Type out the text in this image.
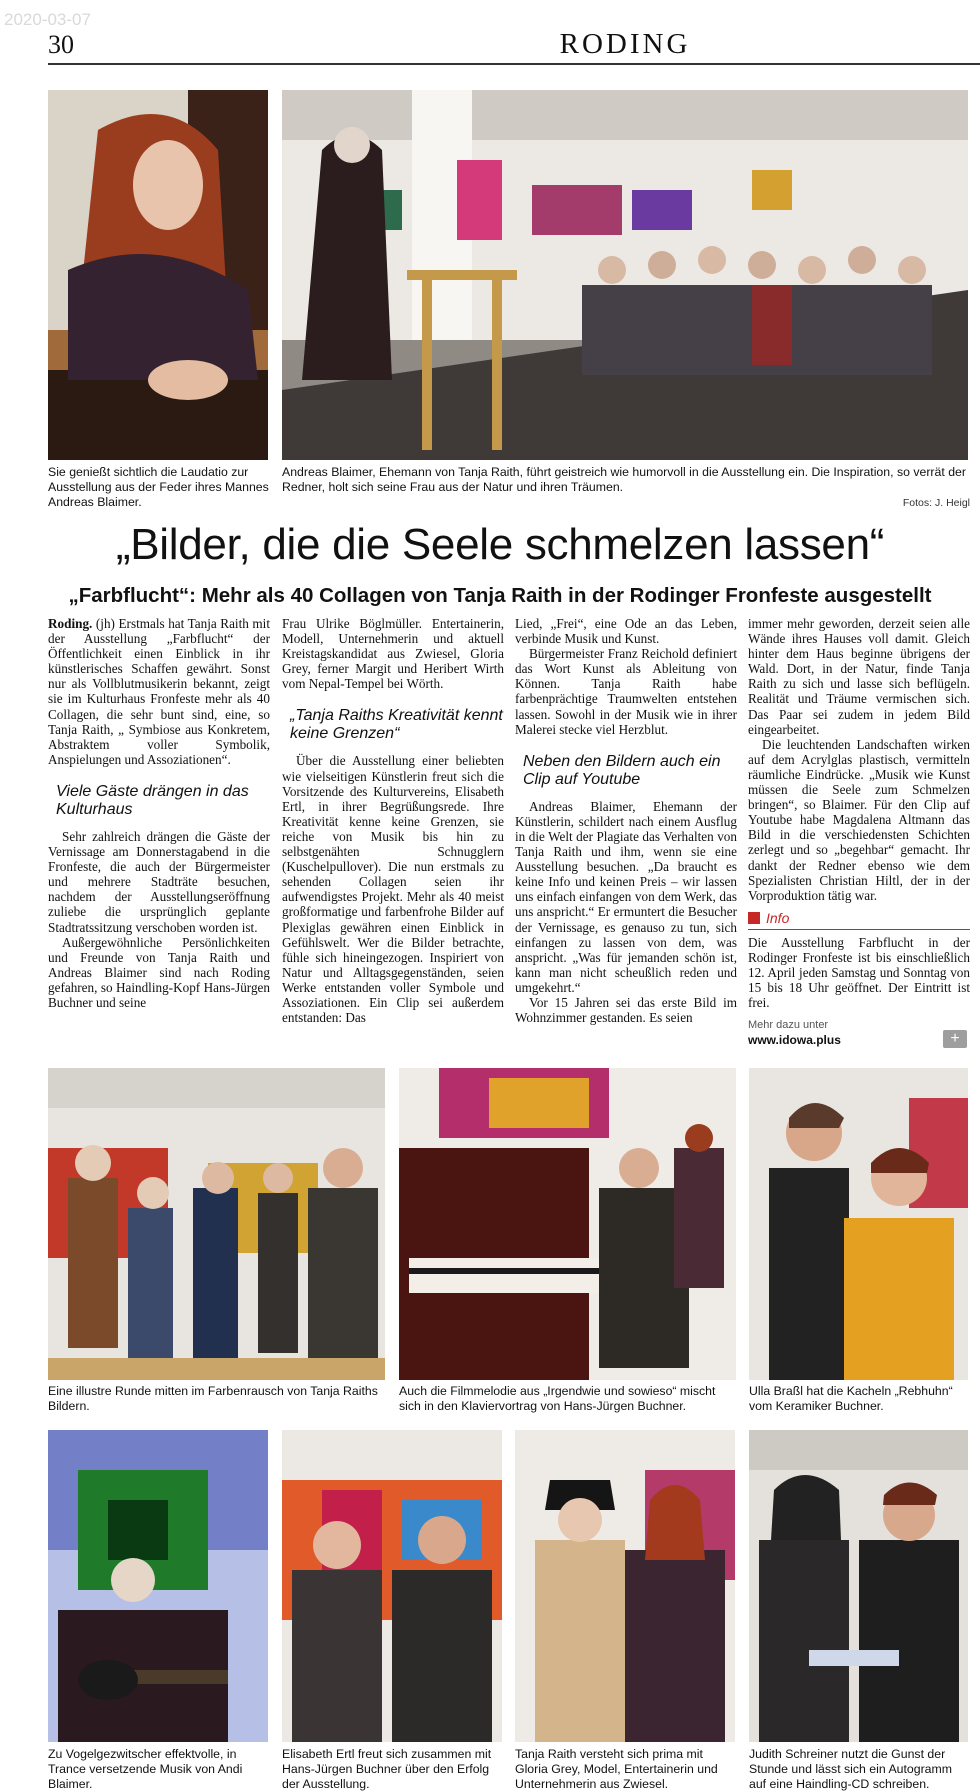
2020-03-07
30	RODING
Sie genießt sichtlich die Laudatio zur Ausstellung aus der Feder ihres Mannes Andreas Blaimer.
Andreas Blaimer, Ehemann von Tanja Raith, führt geistreich wie humorvoll in die Ausstellung ein. Die Inspiration, so verrät der Redner, holt sich seine Frau aus der Natur und ihren Träumen.
Fotos: J. Heigl
„Bilder, die die Seele schmelzen lassen“
„Farbflucht“: Mehr als 40 Collagen von Tanja Raith in der Rodinger Fronfeste ausgestellt

Roding. (jh) Erstmals hat Tanja Raith mit der Ausstellung „Farbflucht“ der Öffentlichkeit einen Einblick in ihr künstlerisches Schaffen gewährt. Sonst nur als Vollblutmusikerin bekannt, zeigt sie im Kulturhaus Fronfeste mehr als 40 Collagen, die sehr bunt sind, eine, so Tanja Raith, „ Symbiose aus Konkretem, Abstraktem voller Symbolik, Anspielungen und Assoziationen“.

Viele Gäste drängen in das Kulturhaus

Sehr zahlreich drängen die Gäste der Vernissage am Donnerstagabend in die Fronfeste, die auch der Bürgermeister und mehrere Stadträte besuchen, nachdem der Ausstellungseröffnung zuliebe die ursprünglich geplante Stadtratssitzung verschoben worden ist.

Außergewöhnliche Persönlichkeiten und Freunde von Tanja Raith und Andreas Blaimer sind nach Roding gefahren, so Haindling-Kopf Hans-Jürgen Buchner und seine

Frau Ulrike Böglmüller. Entertainerin, Modell, Unternehmerin und aktuell Kreistagskandidat aus Zwiesel, Gloria Grey, ferner Margit und Heribert Wirth vom Nepal-Tempel bei Wörth.

„Tanja Raiths Kreativität kennt keine Grenzen“

Über die Ausstellung einer beliebten wie vielseitigen Künstlerin freut sich die Vorsitzende des Kulturvereins, Elisabeth Ertl, in ihrer Begrüßungsrede. Ihre Kreativität kenne keine Grenzen, sie reiche von Musik bis hin zu selbstgenähten Schnugglern (Kuschelpullover). Die nun erstmals zu sehenden Collagen seien ihr aufwendigstes Projekt. Mehr als 40 meist großformatige und farbenfrohe Bilder auf Plexiglas gewähren einen Einblick in Gefühlswelt. Wer die Bilder betrachte, fühle sich hineingezogen. Inspiriert von Natur und Alltagsgegenständen, seien Werke entstanden voller Symbole und Assoziationen. Ein Clip sei außerdem entstanden: Das

Lied, „Frei“, eine Ode an das Leben, verbinde Musik und Kunst.

Bürgermeister Franz Reichold definiert das Wort Kunst als Ableitung von Können. Tanja Raith habe farbenprächtige Traumwelten entstehen lassen. Sowohl in der Musik wie in ihrer Malerei stecke viel Herzblut.

Neben den Bildern auch ein Clip auf Youtube

Andreas Blaimer, Ehemann der Künstlerin, schildert nach einem Ausflug in die Welt der Plagiate das Verhalten von Tanja Raith und ihm, wenn sie eine Ausstellung besuchen. „Da braucht es keine Info und keinen Preis – wir lassen uns einfach einfangen von dem Werk, das uns anspricht.“ Er ermuntert die Besucher der Vernissage, es genauso zu tun, sich einfangen zu lassen von dem, was anspricht. „Was für jemanden schön ist, kann man nicht scheußlich reden und umgekehrt.“

Vor 15 Jahren sei das erste Bild im Wohnzimmer gestanden. Es seien

immer mehr geworden, derzeit seien alle Wände ihres Hauses voll damit. Gleich hinter dem Haus beginne übrigens der Wald. Dort, in der Natur, finde Tanja Raith zu sich und lasse sich beflügeln. Realität und Träume vermischen sich. Das Paar sei zudem in jedem Bild eingearbeitet.

Die leuchtenden Landschaften wirken auf dem Acrylglas plastisch, vermitteln räumliche Eindrücke. „Musik wie Kunst müssen die Seele zum Schmelzen bringen“, so Blaimer. Für den Clip auf Youtube habe Magdalena Altmann das Bild in die verschiedensten Schichten zerlegt und so „begehbar“ gemacht. Ihr dankt der Redner ebenso wie dem Spezialisten Christian Hiltl, der in der Vorproduktion tätig war.

Info

Die Ausstellung Farbflucht in der Rodinger Fronfeste ist bis einschließlich 12. April jeden Samstag und Sonntag von 15 bis 18 Uhr geöffnet. Der Eintritt ist frei.

Mehr dazu unter
www.idowa.plus	+
Eine illustre Runde mitten im Farbenrausch von Tanja Raiths Bildern.
Auch die Filmmelodie aus „Irgendwie und sowieso“ mischt sich in den Klaviervortrag von Hans-Jürgen Buchner.
Ulla Braßl hat die Kacheln „Rebhuhn“ vom Keramiker Buchner.
Zu Vogelgezwitscher effektvolle, in Trance versetzende Musik von Andi Blaimer.
Elisabeth Ertl freut sich zusammen mit Hans-Jürgen Buchner über den Erfolg der Ausstellung.
Tanja Raith versteht sich prima mit Gloria Grey, Model, Entertainerin und Unternehmerin aus Zwiesel.
Judith Schreiner nutzt die Gunst der Stunde und lässt sich ein Autogramm auf eine Haindling-CD schreiben.
